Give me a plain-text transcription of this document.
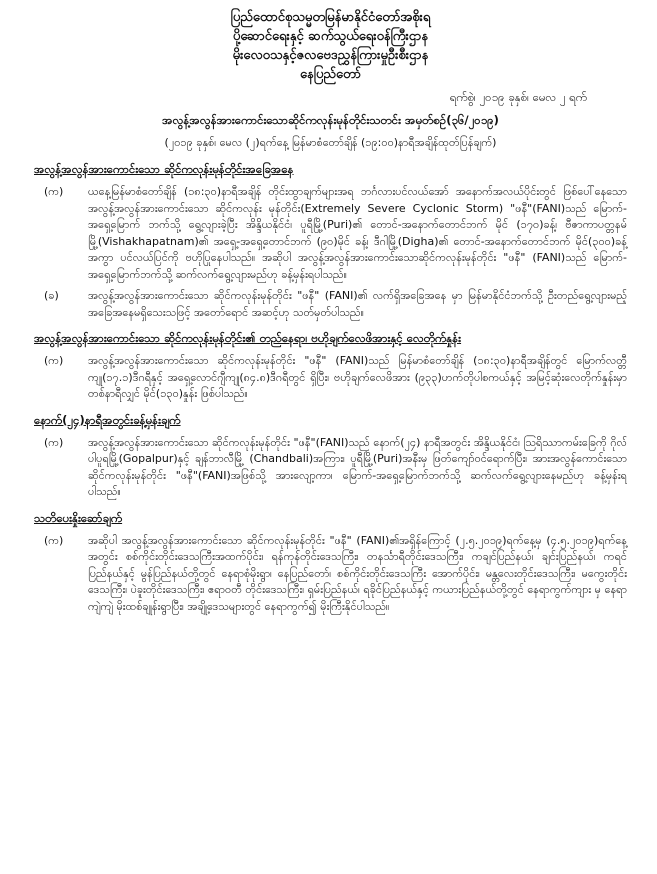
ပြည်ထောင်စုသမ္မတမြန်မာနိုင်ငံတော်အစိုးရ
ပို့ဆောင်ရေးနှင့် ဆက်သွယ်ရေးဝန်ကြီးဌာန
မိုးလေဝသနှင့်ဇလဗေဒညွှန်ကြားမှုဦးစီးဌာန
နေပြည်တော်
ရက်စွဲ၊ ၂၀၁၉ ခုနှစ်၊ မေလ ၂ ရက်
အလွန့်အလွန်အားကောင်းသောဆိုင်ကလုန်းမုန်တိုင်းသတင်း အမှတ်စဉ်(၃၆/၂၀၁၉)
(၂၀၁၉ ခုနှစ်၊ မေလ (၂)ရက်နေ့ မြန်မာစံတော်ချိန် (၁၉:၀၀)နာရီအချိန်ထုတ်ပြန်ချက်)
အလွန့်အလွန်အားကောင်းသော ဆိုင်ကလုန်းမုန်တိုင်းအခြေအနေ
(က) ယနေ့မြန်မာစံတော်ချိန် (၁၈:၃၀)နာရီအချိန် တိုင်းထွာချက်များအရ ဘင်္ဂလားပင်လယ်အော် အနောက်အလယ်ပိုင်းတွင် ဖြစ်ပေါ်နေသော အလွန့်အလွန်အားကောင်းသော ဆိုင်ကလုန်း မုန်တိုင်း(Extremely Severe Cyclonic Storm) "ဖနီ"(FANI)သည် မြောက်-အရှေ့မြောက် ဘက်သို့ ရွေ့လျားခဲ့ပြီး အိန္ဒိယနိုင်ငံ၊ ပူရီမြို့(Puri)၏ တောင်-အနောက်တောင်ဘက် မိုင် (၁၇၀)ခန့်၊ ဗီဇာကာပတ္တနမ်မြို့(Vishakhapatnam)၏ အရှေ့-အရှေ့တောင်ဘက် (၉၀)မိုင် ခန့်၊ ဒီဂါမြို့(Digha)၏ တောင်-အနောက်တောင်ဘက် မိုင်(၃၀၀)ခန့်အကွာ ပင်လယ်ပြင်ကို ဗဟိုပြုနေပါသည်။ အဆိုပါ အလွန့်အလွန်အားကောင်းသောဆိုင်ကလုန်းမုန်တိုင်း "ဖနီ" (FANI)သည် မြောက်-အရှေ့မြောက်ဘက်သို့ ဆက်လက်ရွေ့လျားမည်ဟု ခန့်မှန်းရပါသည်။
(ခ)	အလွန့်အလွန်အားကောင်းသော ဆိုင်ကလုန်းမုန်တိုင်း "ဖနီ" (FANI)၏ လက်ရှိအခြေအနေ မှာ မြန်မာနိုင်ငံဘက်သို့ ဦးတည်ရွေ့လျားမည့် အခြေအနေမရှိသေးသဖြင့် အတော်ရောင် အဆင့်ဟု သတ်မှတ်ပါသည်။
အလွန့်အလွန်အားကောင်းသော ဆိုင်ကလုန်းမုန်တိုင်း၏ တည်နေရာ၊ ဗဟိုချက်လေဖိအားနှင့် လေတိုက်နှုန်း
(က) အလွန့်အလွန်အားကောင်းသော ဆိုင်ကလုန်းမုန်တိုင်း "ဖနီ" (FANI)သည် မြန်မာစံတော်ချိန် (၁၈:၃၀)နာရီအချိန်တွင် မြောက်လတ္တီကျု(၁၇.၁)ဒီဂရီနှင့် အရှေ့လောင်ဂျီကျု(၈၄.၈)ဒီဂရီတွင် ရှိပြီး၊ ဗဟိုချက်လေဖိအား (၉၃၃)ဟက်တိုပါစကယ်နှင့် အမြင့်ဆုံးလေတိုက်နှုန်းမှာ တစ်နာရီလျှင် မိုင်(၁၃၀)နှုန်း ဖြစ်ပါသည်။
နောက်(၂၄)နာရီအတွင်းခန့်မှန်းချက်
(က) အလွန့်အလွန်အားကောင်းသော ဆိုင်ကလုန်းမုန်တိုင်း "ဖနီ"(FANI)သည် နောက်(၂၄) နာရီအတွင်း အိန္ဒိယနိုင်ငံ၊ ဩရိဿာကမ်းခြေကို ဂိုလ်ပါပူရမြို့(Gopalpur)နှင့် ချန်ဘာလီမြို့ (Chandbali)အကြား၊ ပူရီမြို့(Puri)အနီးမှ ဖြတ်ကျော်ဝင်ရောက်ပြီး၊ အားအလွန်ကောင်းသော ဆိုင်ကလုန်းမုန်တိုင်း "ဖနီ"(FANI)အဖြစ်သို့ အားလျော့ကာ၊ မြောက်-အရှေ့မြောက်ဘက်သို့ ဆက်လက်ရွေ့လျားနေမည်ဟု ခန့်မှန်းရပါသည်။
သတိပေးနှိုးဆော်ချက်
(က) အဆိုပါ အလွန့်အလွန်အားကောင်းသော ဆိုင်ကလုန်းမုန်တိုင်း "ဖနီ" (FANI)၏အရှိန်ကြောင့် (၂.၅.၂၀၁၉)ရက်နေ့မှ (၄.၅.၂၀၁၉)ရက်နေ့အတွင်း စစ်ကိုင်းတိုင်းဒေသကြီးအထက်ပိုင်း၊ ရန်ကုန်တိုင်းဒေသကြီး၊ တနင်္သာရီတိုင်းဒေသကြီး၊ ကချင်ပြည်နယ်၊ ချင်းပြည်နယ်၊ ကရင် ပြည်နယ်နှင့် မွန်ပြည်နယ်တို့တွင် နေရာစုံမိုးရွာ၊ နေပြည်တော်၊ စစ်ကိုင်းတိုင်းဒေသကြီး အောက်ပိုင်း၊ မန္တလေးတိုင်းဒေသကြီး၊ မကွေးတိုင်းဒေသကြီး၊ ပဲခူးတိုင်းဒေသကြီး၊ ဧရာဝတီ တိုင်းဒေသကြီး၊ ရှမ်းပြည်နယ်၊ ရခိုင်ပြည်နယ်နှင့် ကယားပြည်နယ်တို့တွင် နေရာကွက်ကျား မှ နေရာကျဲကျဲ မိုးထစ်ချုန်းရွာပြီး၊ အချို့ဒေသများတွင် နေရာကွက်၍ မိုးကြီးနိုင်ပါသည်။
